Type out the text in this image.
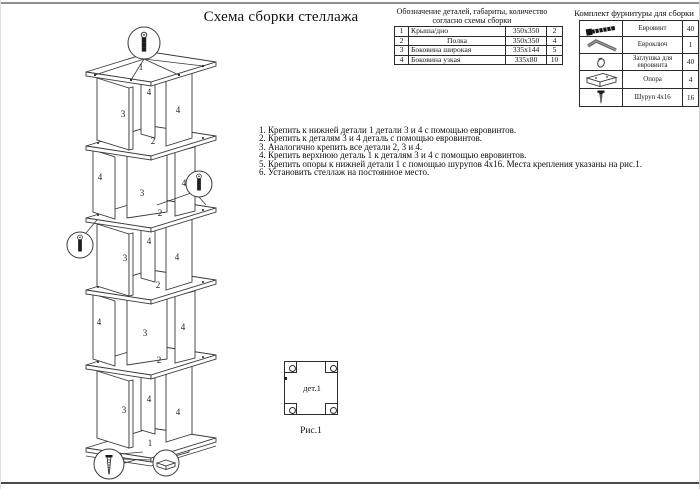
Схема сборки стеллажа	Обозначение деталей, габариты, количество
согласно схемы сборки
1	Крыша/дно	350x350	2
2	Полка	350x350	4
3	Боковина широкая	335x144	5
4	Боковина узкая	335x80	10
Комплект фурнитуры для сборки
	Евровинт	40
	Евроключ	1

Заглушка для
евровинта	40
	Опора	4
	Шуруп 4x16	16
1. Крепить к нижней детали 1 детали 3 и 4 с помощью евровинтов.
2. Крепить к деталям 3 и 4 деталь с помощью евровинтов.
3. Аналогично крепить все детали 2, 3 и 4.
4. Крепить верхнюю деталь 1 к деталям 3 и 4 с помощью евровинтов.
5. Крепить опоры к нижней детали 1 с помощью шурупов 4x16. Места крепления указаны на рис.1.
6. Установить стеллаж на постоянное место.
дет.1
Рис.1
1
3
4
4
2
4
3
4
2
3
4
4
2
4
3
4
2
3
4
4
1
